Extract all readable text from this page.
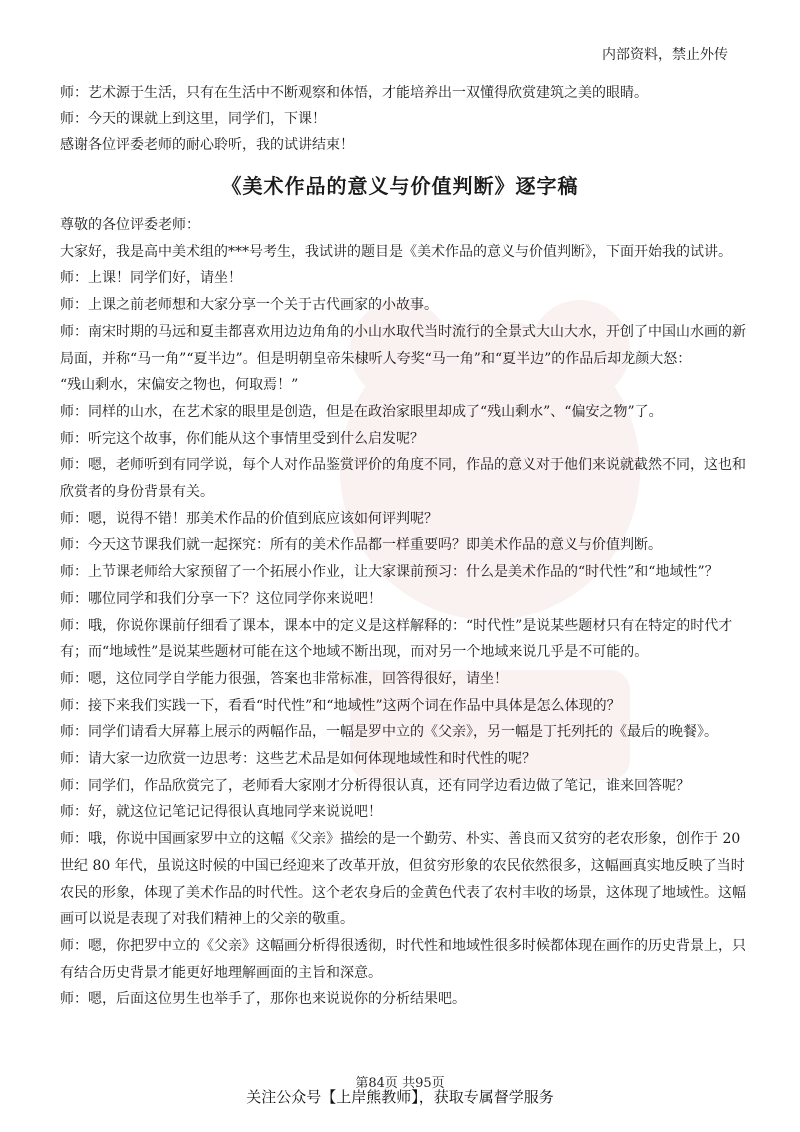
内部资料，禁止外传

师：艺术源于生活，只有在生活中不断观察和体悟，才能培养出一双懂得欣赏建筑之美的眼睛。

师：今天的课就上到这里，同学们，下课！

感谢各位评委老师的耐心聆听，我的试讲结束！

《美术作品的意义与价值判断》逐字稿

尊敬的各位评委老师：

大家好，我是高中美术组的***号考生，我试讲的题目是《美术作品的意义与价值判断》，下面开始我的试讲。

师：上课！同学们好，请坐！

师：上课之前老师想和大家分享一个关于古代画家的小故事。

师：南宋时期的马远和夏圭都喜欢用边边角角的小山水取代当时流行的全景式大山大水，开创了中国山水画的新

局面，并称“马一角”“夏半边”。但是明朝皇帝朱棣听人夸奖“马一角”和“夏半边”的作品后却龙颜大怒：

“残山剩水，宋偏安之物也，何取焉！”

师：同样的山水，在艺术家的眼里是创造，但是在政治家眼里却成了“残山剩水”、“偏安之物”了。

师：听完这个故事，你们能从这个事情里受到什么启发呢？

师：嗯，老师听到有同学说，每个人对作品鉴赏评价的角度不同，作品的意义对于他们来说就截然不同，这也和

欣赏者的身份背景有关。

师：嗯，说得不错！那美术作品的价值到底应该如何评判呢？

师：今天这节课我们就一起探究：所有的美术作品都一样重要吗？即美术作品的意义与价值判断。

师：上节课老师给大家预留了一个拓展小作业，让大家课前预习：什么是美术作品的“时代性”和“地域性”？

师：哪位同学和我们分享一下？这位同学你来说吧！

师：哦，你说你课前仔细看了课本，课本中的定义是这样解释的：“时代性”是说某些题材只有在特定的时代才

有；而“地域性”是说某些题材可能在这个地域不断出现，而对另一个地域来说几乎是不可能的。

师：嗯，这位同学自学能力很强，答案也非常标准，回答得很好，请坐！

师：接下来我们实践一下，看看“时代性”和“地域性”这两个词在作品中具体是怎么体现的？

师：同学们请看大屏幕上展示的两幅作品，一幅是罗中立的《父亲》，另一幅是丁托列托的《最后的晚餐》。

师：请大家一边欣赏一边思考：这些艺术品是如何体现地域性和时代性的呢？

师：同学们，作品欣赏完了，老师看大家刚才分析得很认真，还有同学边看边做了笔记，谁来回答呢？

师：好，就这位记笔记记得很认真地同学来说说吧！

师：哦，你说中国画家罗中立的这幅《父亲》描绘的是一个勤劳、朴实、善良而又贫穷的老农形象，创作于 20

世纪 80 年代，虽说这时候的中国已经迎来了改革开放，但贫穷形象的农民依然很多，这幅画真实地反映了当时

农民的形象，体现了美术作品的时代性。这个老农身后的金黄色代表了农村丰收的场景，这体现了地域性。这幅

画可以说是表现了对我们精神上的父亲的敬重。

师：嗯，你把罗中立的《父亲》这幅画分析得很透彻，时代性和地域性很多时候都体现在画作的历史背景上，只

有结合历史背景才能更好地理解画面的主旨和深意。

师：嗯，后面这位男生也举手了，那你也来说说你的分析结果吧。

第84页 共95页
关注公众号【上岸熊教师】，获取专属督学服务
